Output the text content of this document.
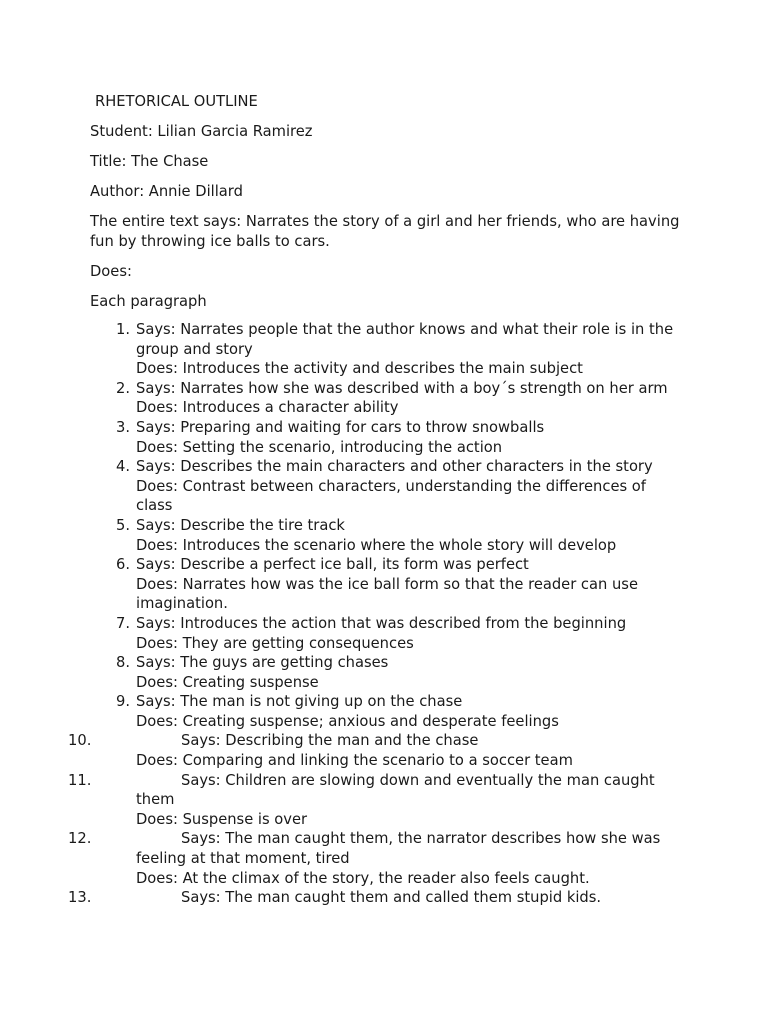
RHETORICAL OUTLINE

Student: Lilian Garcia Ramirez

Title: The Chase

Author: Annie Dillard

The entire text says: Narrates the story of a girl and her friends, who are having fun by throwing ice balls to cars.

Does:

Each paragraph

1. Says: Narrates people that the author knows and what their role is in the group and story
Does: Introduces the activity and describes the main subject
2. Says: Narrates how she was described with a boy´s strength on her arm
Does: Introduces a character ability
3. Says: Preparing and waiting for cars to throw snowballs
Does: Setting the scenario, introducing the action
4. Says: Describes the main characters and other characters in the story
Does: Contrast between characters, understanding the differences of class
5. Says: Describe the tire track
Does: Introduces the scenario where the whole story will develop
6. Says: Describe a perfect ice ball, its form was perfect
Does: Narrates how was the ice ball form so that the reader can use imagination.
7. Says: Introduces the action that was described from the beginning
Does: They are getting consequences
8. Says: The guys are getting chases
Does: Creating suspense
9. Says: The man is not giving up on the chase
Does: Creating suspense; anxious and desperate feelings
10.	Says: Describing the man and the chase
Does: Comparing and linking the scenario to a soccer team
11.	Says: Children are slowing down and eventually the man caught them
Does: Suspense is over
12.	Says: The man caught them, the narrator describes how she was feeling at that moment, tired
Does: At the climax of the story, the reader also feels caught.
13.	Says: The man caught them and called them stupid kids.
